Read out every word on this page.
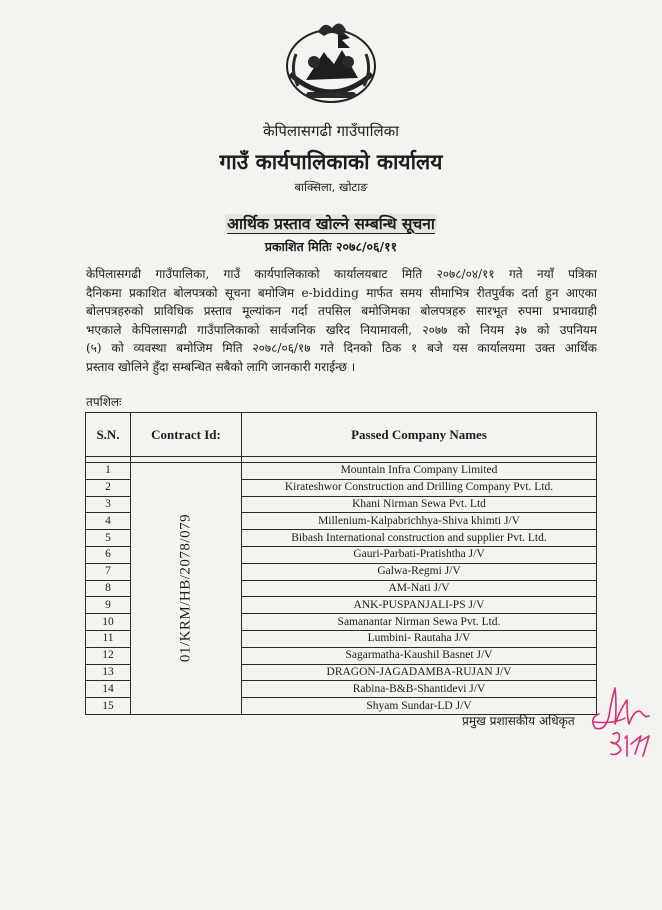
केपिलासगढी गाउँपालिका
गाउँ कार्यपालिकाको कार्यालय
बाक्सिला, खोटाङ
आर्थिक प्रस्ताव खोल्ने सम्बन्धि सूचना
प्रकाशित मितिः २०७८/०६/११
केपिलासगढी गाउँपालिका, गाउँ कार्यपालिकाको कार्यालयबाट मिति २०७८/०४/११ गते नयाँ पत्रिका
दैनिकमा प्रकाशित बोलपत्रको सूचना बमोजिम e-bidding मार्फत समय सीमाभित्र रीतपुर्वक दर्ता हुन आएका
बोलपत्रहरुको प्राविधिक प्रस्ताव मूल्यांकन गर्दा तपसिल बमोजिमका बोलपत्रहरु सारभूत रुपमा प्रभावग्राही
भएकाले केपिलासगढी गाउँपालिकाको सार्वजनिक खरिद नियामावली, २०७७ को नियम ३७ को उपनियम
(५) को व्यवस्था बमोजिम मिति २०७८/०६/१७ गते दिनको ठिक १ बजे यस कार्यालयमा उक्त आर्थिक
प्रस्ताव खोलिने हुँदा सम्बन्धित सबैको लागि जानकारी गराईन्छ ।
तपशिलः
S.N.	Contract Id:	Passed Company Names

1	01/KRM/HB/2078/079	Mountain Infra Company Limited
2		Kirateshwor Construction and Drilling Company Pvt. Ltd.
3		Khani Nirman Sewa Pvt. Ltd
4		Millenium-Kalpabrichhya-Shiva khimti J/V
5		Bibash International construction and supplier Pvt. Ltd.
6		Gauri-Parbati-Pratishtha J/V
7		Galwa-Regmi J/V
8		AM-Nati J/V
9		ANK-PUSPANJALI-PS J/V
10		Samanantar Nirman Sewa Pvt. Ltd.
11		Lumbini- Rautaha J/V
12		Sagarmatha-Kaushil Basnet J/V
13		DRAGON-JAGADAMBA-RUJAN J/V
14		Rabina-B&B-Shantidevi J/V
15		Shyam Sundar-LD J/V
प्रमुख प्रशासकीय अधिकृत
